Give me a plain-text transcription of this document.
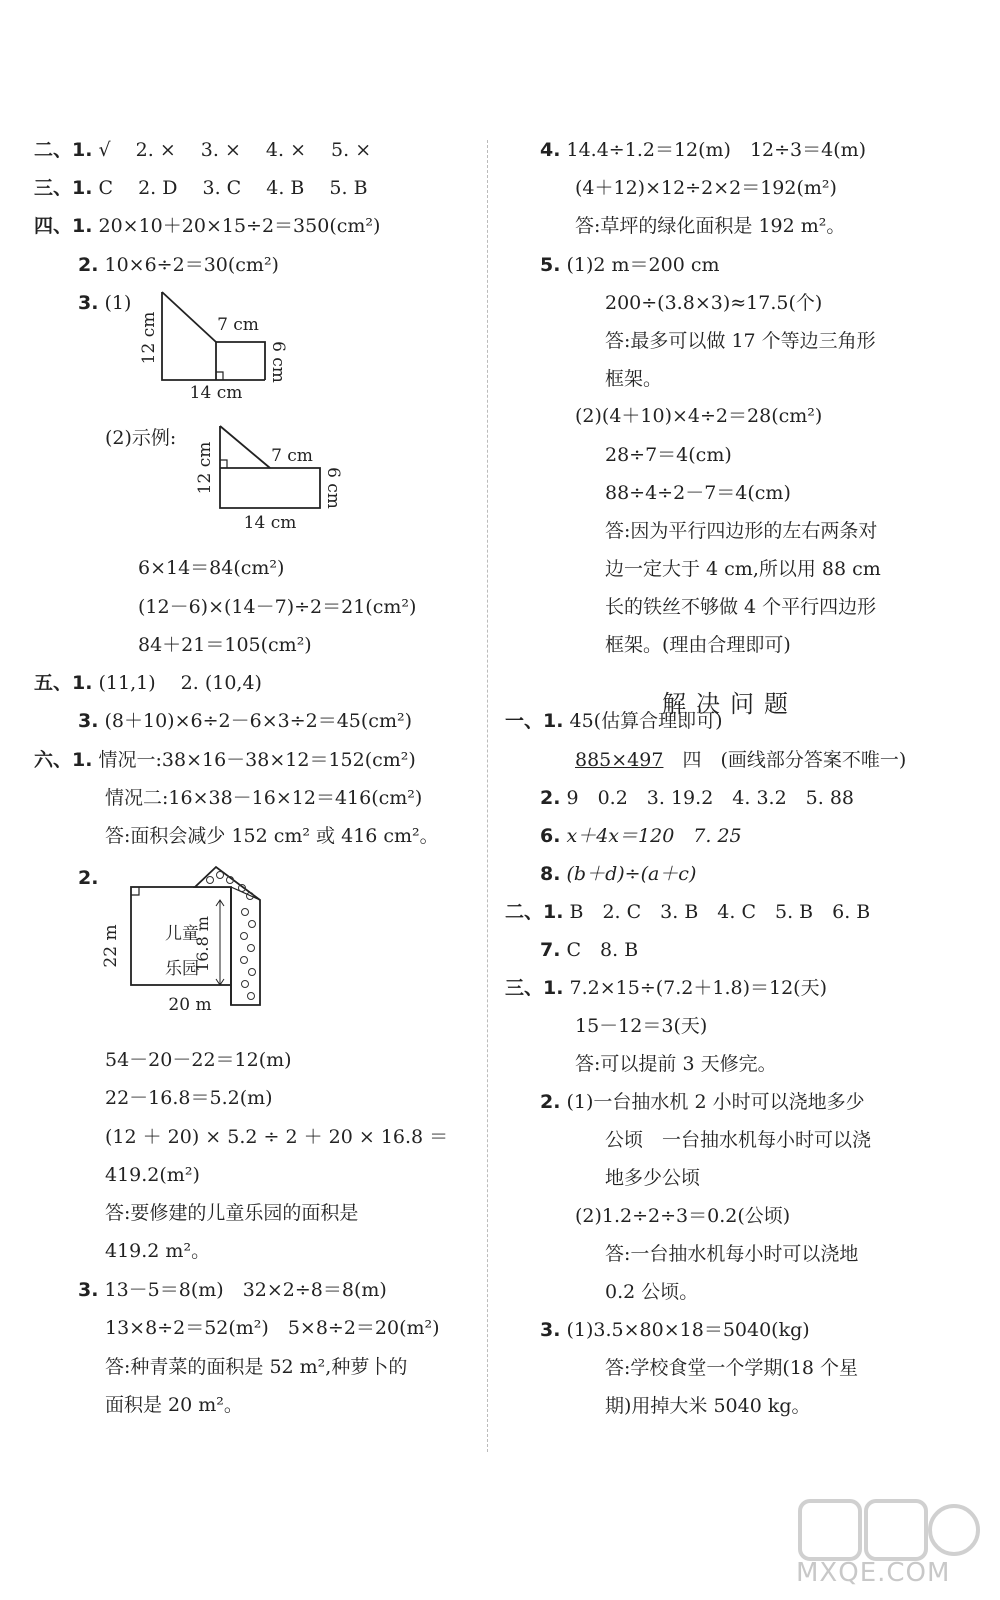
二、1. √　 2. ×　 3. ×　 4. ×　 5. ×
三、1. C　 2. D　 3. C　 4. B　 5. B
四、1. 20×10＋20×15÷2＝350(cm²)
2. 10×6÷2＝30(cm²)
3. (1)
12 cm	7 cm
6 cm
14 cm
(2)示例:
12 cm	7 cm
6 cm
14 cm
6×14＝84(cm²)
(12－6)×(14－7)÷2＝21(cm²)
84＋21＝105(cm²)
五、1. (11,1)　 2. (10,4)
3. (8＋10)×6÷2－6×3÷2＝45(cm²)
六、1. 情况一:38×16－38×12＝152(cm²)
情况二:16×38－16×12＝416(cm²)
答:面积会减少 152 cm² 或 416 cm²。
2.
22 m	16.8 m
儿童
乐园
20 m
54－20－22＝12(m)
22－16.8＝5.2(m)
(12 ＋ 20) × 5.2 ÷ 2 ＋ 20 × 16.8 ＝
419.2(m²)
答:要修建的儿童乐园的面积是
419.2 m²。
3. 13－5＝8(m)　32×2÷8＝8(m)
13×8÷2＝52(m²)　5×8÷2＝20(m²)
答:种青菜的面积是 52 m²,种萝卜的
面积是 20 m²。
4. 14.4÷1.2＝12(m)　12÷3＝4(m)
(4＋12)×12÷2×2＝192(m²)
答:草坪的绿化面积是 192 m²。
5. (1)2 m＝200 cm
200÷(3.8×3)≈17.5(个)
答:最多可以做 17 个等边三角形
框架。
(2)(4＋10)×4÷2＝28(cm²)
28÷7＝4(cm)
88÷4÷2－7＝4(cm)
答:因为平行四边形的左右两条对
边一定大于 4 cm,所以用 88 cm
长的铁丝不够做 4 个平行四边形
框架。(理由合理即可)
解决问题
一、1. 45(估算合理即可)
885×497　四　(画线部分答案不唯一)
2. 9　0.2　3. 19.2　4. 3.2　5. 88
6. x＋4x＝120　7. 25
8. (b＋d)÷(a＋c)
二、1. B　2. C　3. B　4. C　5. B　6. B
7. C　8. B
三、1. 7.2×15÷(7.2＋1.8)＝12(天)
15－12＝3(天)
答:可以提前 3 天修完。
2. (1)一台抽水机 2 小时可以浇地多少
公顷　一台抽水机每小时可以浇
地多少公顷
(2)1.2÷2÷3＝0.2(公顷)
答:一台抽水机每小时可以浇地
0.2 公顷。
3. (1)3.5×80×18＝5040(kg)
答:学校食堂一个学期(18 个星
期)用掉大米 5040 kg。
MXQE.COM
